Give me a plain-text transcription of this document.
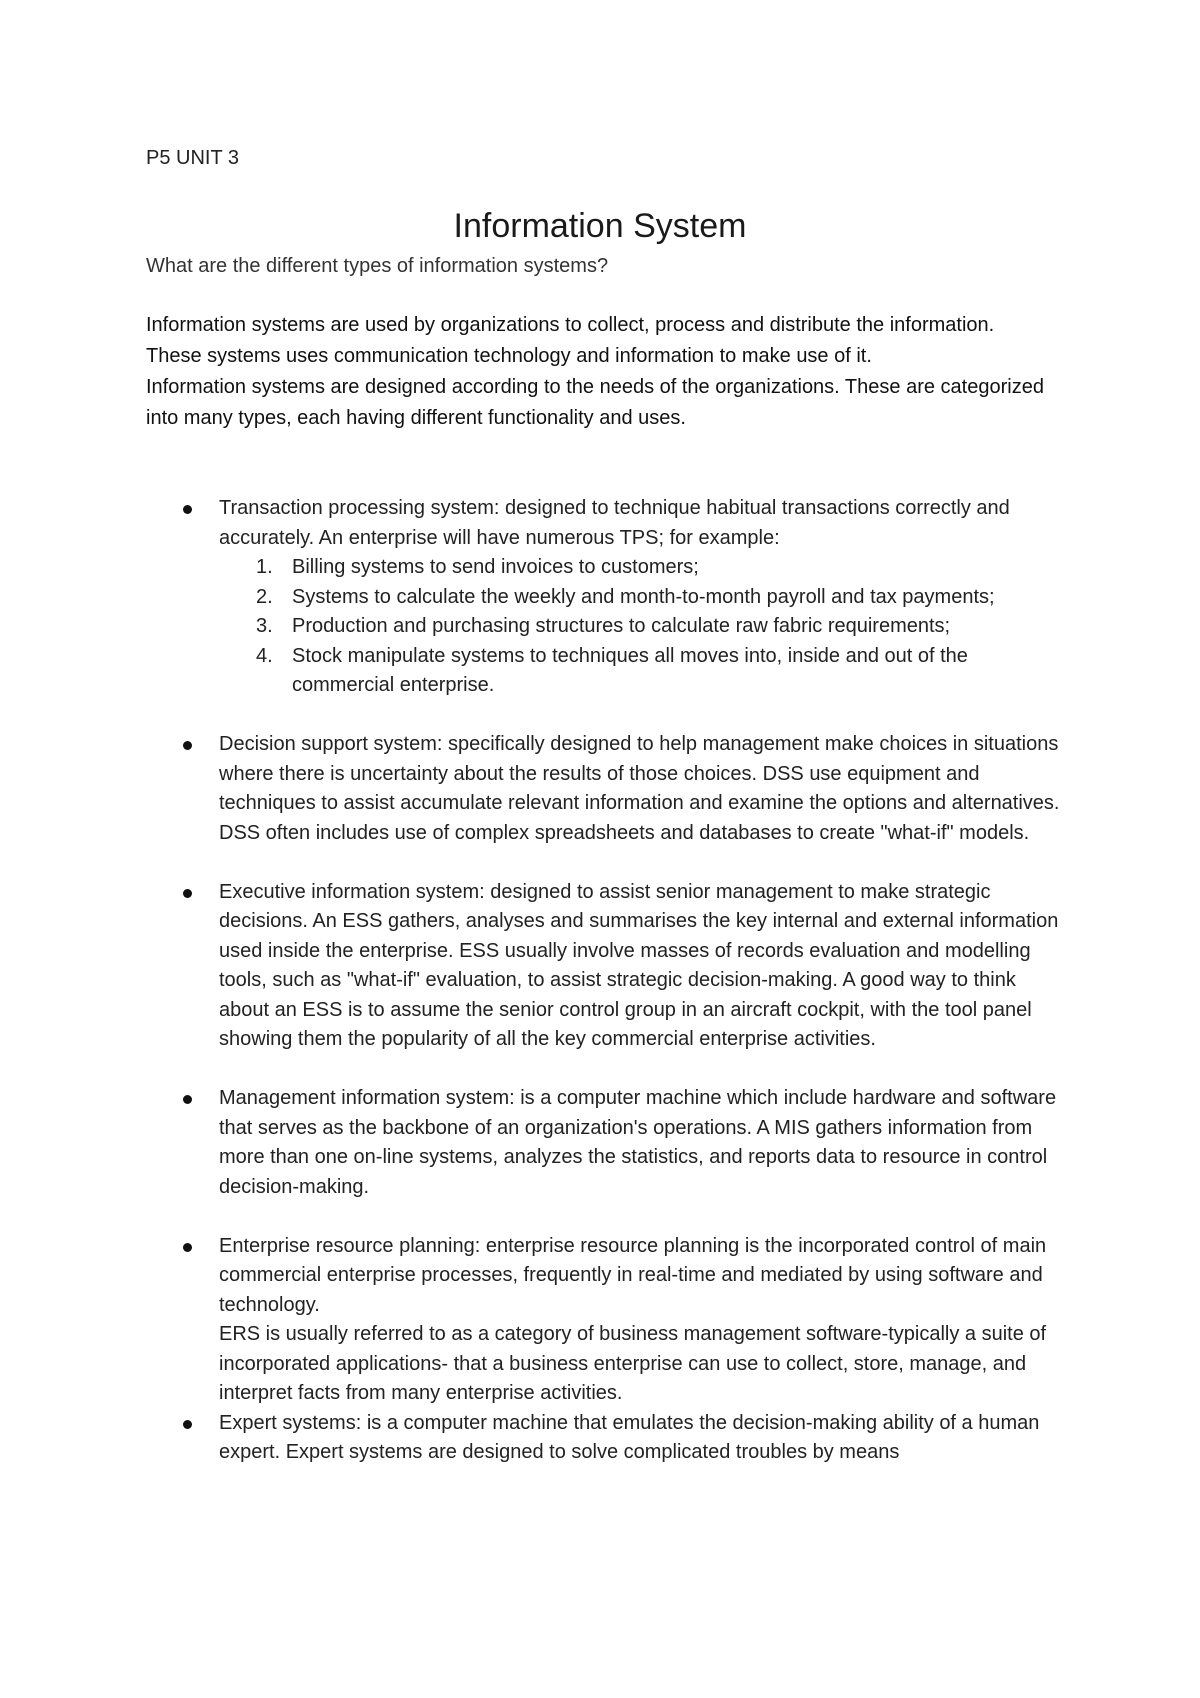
P5 UNIT 3
Information System
What are the different types of information systems?

Information systems are used by organizations to collect, process and distribute the information. These systems uses communication technology and information to make use of it.

Information systems are designed according to the needs of the organizations. These are categorized into many types, each having different functionality and uses.

Transaction processing system: designed to technique habitual transactions correctly and accurately. An enterprise will have numerous TPS; for example:

1. Billing systems to send invoices to customers;
2. Systems to calculate the weekly and month-to-month payroll and tax payments;
3. Production and purchasing structures to calculate raw fabric requirements;
4. Stock manipulate systems to techniques all moves into, inside and out of the commercial enterprise.

Decision support system: specifically designed to help management make choices in situations where there is uncertainty about the results of those choices. DSS use equipment and techniques to assist accumulate relevant information and examine the options and alternatives. DSS often includes use of complex spreadsheets and databases to create "what-if" models.

Executive information system: designed to assist senior management to make strategic decisions. An ESS gathers, analyses and summarises the key internal and external information used inside the enterprise. ESS usually involve masses of records evaluation and modelling tools, such as "what-if" evaluation, to assist strategic decision-making. A good way to think about an ESS is to assume the senior control group in an aircraft cockpit, with the tool panel showing them the popularity of all the key commercial enterprise activities.

Management information system: is a computer machine which include hardware and software that serves as the backbone of an organization's operations. A MIS gathers information from more than one on-line systems, analyzes the statistics, and reports data to resource in control decision-making.

Enterprise resource planning: enterprise resource planning is the incorporated control of main commercial enterprise processes, frequently in real-time and mediated by using software and technology.

ERS is usually referred to as a category of business management software-typically a suite of incorporated applications- that a business enterprise can use to collect, store, manage, and interpret facts from many enterprise activities.

Expert systems: is a computer machine that emulates the decision-making ability of a human expert. Expert systems are designed to solve complicated troubles by means
